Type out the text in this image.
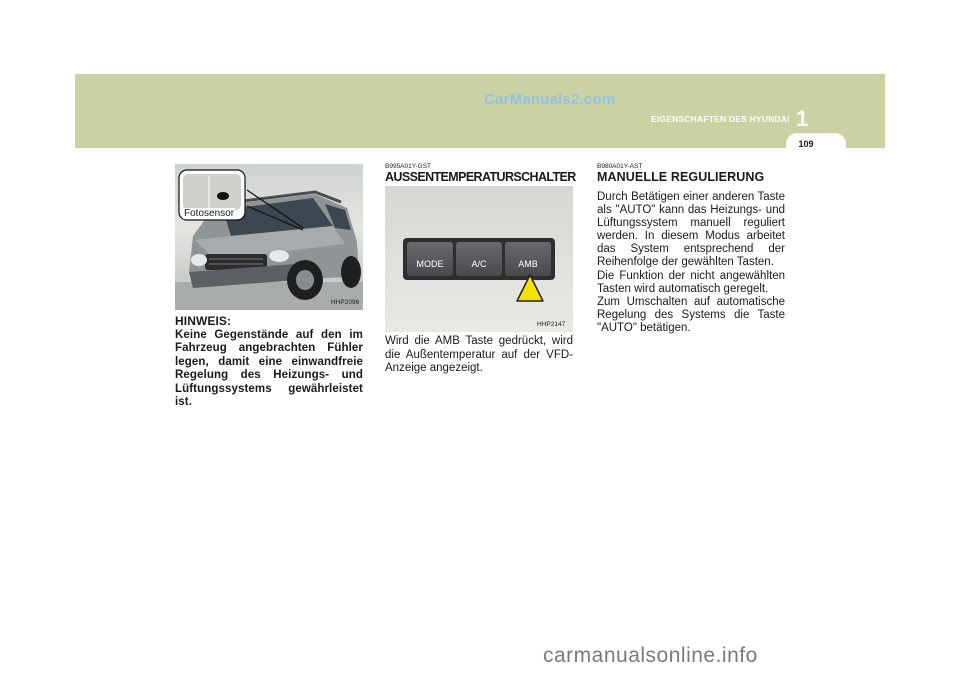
CarManuals2.com
EIGENSCHAFTEN DES HYUNDAI 1
109
Fotosensor
HHP2096
HINWEIS:
Keine Gegenstände auf den im Fahrzeug angebrachten Fühler legen, damit eine einwandfreie Regelung des Heizungs- und Lüftungssystems gewährleistet ist.
B995A01Y-GST
AUSSENTEMPERATURSCHALTER
MODE	A/C	AMB
HHP2147
Wird die AMB Taste gedrückt, wird die Außentemperatur auf der VFD-Anzeige angezeigt.
B980A01Y-AST
MANUELLE REGULIERUNG
Durch Betätigen einer anderen Taste als "AUTO" kann das Heizungs- und Lüftungssystem manuell reguliert werden. In diesem Modus arbeitet das System entsprechend der Reihenfolge der gewählten Tasten.
Die Funktion der nicht angewählten Tasten wird automatisch geregelt.
Zum Umschalten auf automatische Regelung des Systems die Taste "AUTO" betätigen.
carmanualsonline.info
